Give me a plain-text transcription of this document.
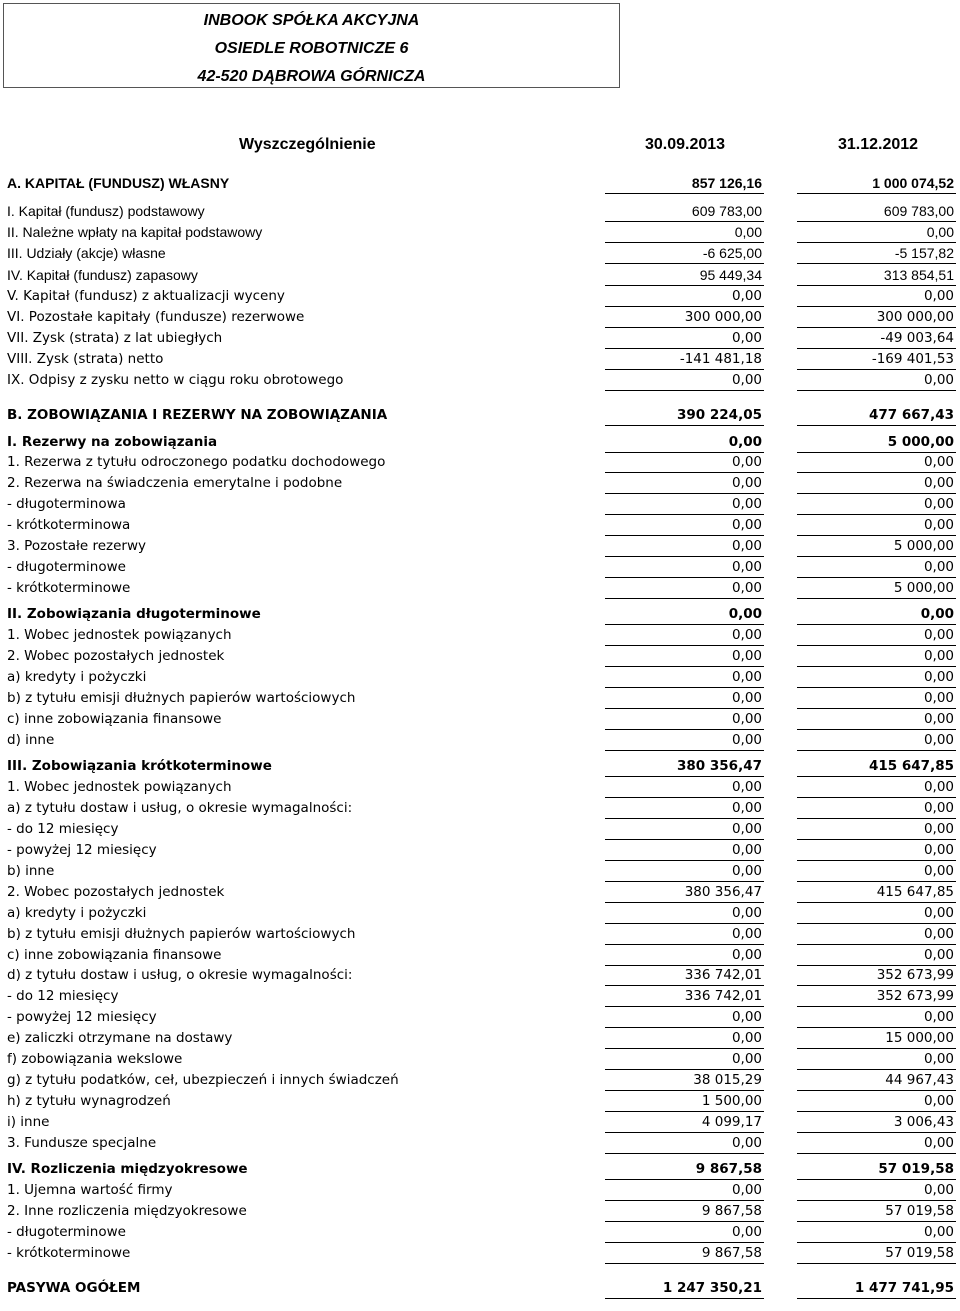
INBOOK SPÓŁKA AKCYJNA
OSIEDLE ROBOTNICZE 6
42-520 DĄBROWA GÓRNICZA
Wyszczególnienie	30.09.2013	31.12.2012
A. KAPITAŁ (FUNDUSZ) WŁASNY	857 126,16	1 000 074,52
I. Kapitał (fundusz) podstawowy	609 783,00	609 783,00
II. Należne wpłaty na kapitał podstawowy	0,00	0,00
III. Udziały (akcje) własne	-6 625,00	-5 157,82
IV. Kapitał (fundusz) zapasowy	95 449,34	313 854,51
V. Kapitał (fundusz) z aktualizacji wyceny	0,00	0,00
VI. Pozostałe kapitały (fundusze) rezerwowe	300 000,00	300 000,00
VII. Zysk (strata) z lat ubiegłych	0,00	-49 003,64
VIII. Zysk (strata) netto	-141 481,18	-169 401,53
IX. Odpisy z zysku netto w ciągu roku obrotowego	0,00	0,00
B. ZOBOWIĄZANIA I REZERWY NA ZOBOWIĄZANIA	390 224,05	477 667,43
I. Rezerwy na zobowiązania	0,00	5 000,00
1. Rezerwa z tytułu odroczonego podatku dochodowego	0,00	0,00
2. Rezerwa na świadczenia emerytalne i podobne	0,00	0,00
- długoterminowa	0,00	0,00
- krótkoterminowa	0,00	0,00
3. Pozostałe rezerwy	0,00	5 000,00
- długoterminowe	0,00	0,00
- krótkoterminowe	0,00	5 000,00
II. Zobowiązania długoterminowe	0,00	0,00
1. Wobec jednostek powiązanych	0,00	0,00
2. Wobec pozostałych jednostek	0,00	0,00
a) kredyty i pożyczki	0,00	0,00
b) z tytułu emisji dłużnych papierów wartościowych	0,00	0,00
c) inne zobowiązania finansowe	0,00	0,00
d) inne	0,00	0,00
III. Zobowiązania krótkoterminowe	380 356,47	415 647,85
1. Wobec jednostek powiązanych	0,00	0,00
a) z tytułu dostaw i usług, o okresie wymagalności:	0,00	0,00
- do 12 miesięcy	0,00	0,00
- powyżej 12 miesięcy	0,00	0,00
b) inne	0,00	0,00
2. Wobec pozostałych jednostek	380 356,47	415 647,85
a) kredyty i pożyczki	0,00	0,00
b) z tytułu emisji dłużnych papierów wartościowych	0,00	0,00
c) inne zobowiązania finansowe	0,00	0,00
d) z tytułu dostaw i usług, o okresie wymagalności:	336 742,01	352 673,99
- do 12 miesięcy	336 742,01	352 673,99
- powyżej 12 miesięcy	0,00	0,00
e) zaliczki otrzymane na dostawy	0,00	15 000,00
f) zobowiązania wekslowe	0,00	0,00
g) z tytułu podatków, ceł, ubezpieczeń i innych świadczeń	38 015,29	44 967,43
h) z tytułu wynagrodzeń	1 500,00	0,00
i) inne	4 099,17	3 006,43
3. Fundusze specjalne	0,00	0,00
IV. Rozliczenia międzyokresowe	9 867,58	57 019,58
1. Ujemna wartość firmy	0,00	0,00
2. Inne rozliczenia międzyokresowe	9 867,58	57 019,58
- długoterminowe	0,00	0,00
- krótkoterminowe	9 867,58	57 019,58
PASYWA OGÓŁEM	1 247 350,21	1 477 741,95
